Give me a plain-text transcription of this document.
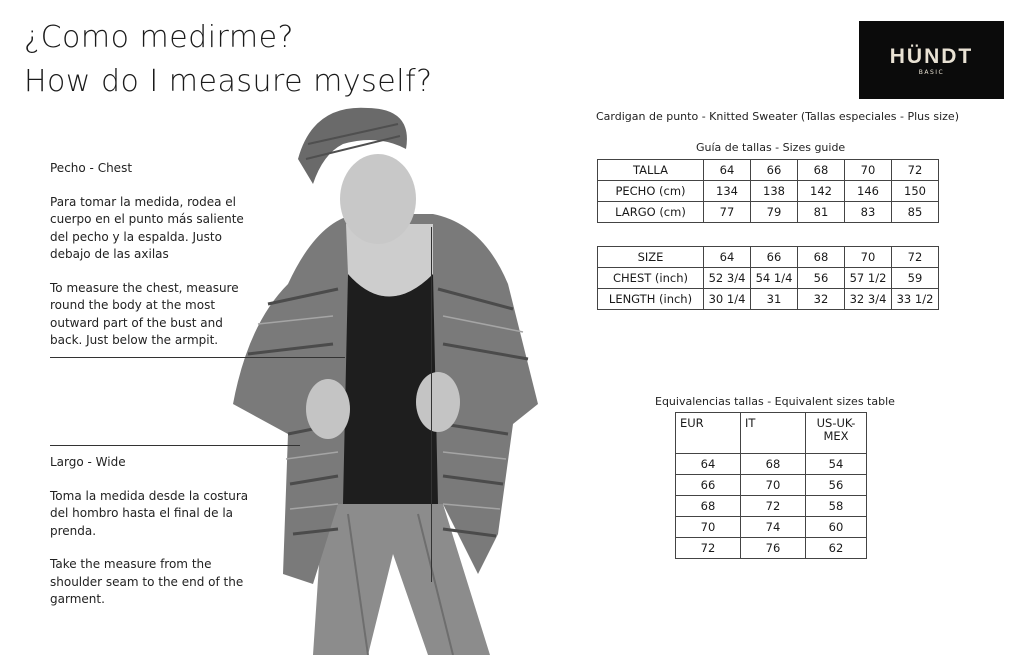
¿Como medirme?
How do I measure myself?
HÜNDT
BASIC
Cardigan de punto - Knitted Sweater (Tallas especiales - Plus size)
Guía de tallas - Sizes guide

Pecho - Chest

Para tomar la medida, rodea el cuerpo en el punto más saliente del pecho y la espalda. Justo debajo de las axilas

To measure the chest, measure round the body at the most outward part of the bust and back. Just below the armpit.

Largo - Wide

Toma la medida desde la costura del hombro hasta el final de la prenda.

Take the measure from the shoulder seam to the end of the garment.

TALLA	64	66	68	70	72
PECHO (cm)	134	138	142	146	150
LARGO (cm)	77	79	81	83	85
SIZE	64	66	68	70	72
CHEST (inch)	52 3/4	54 1/4	56	57 1/2	59
LENGTH (inch)	30 1/4	31	32	32 3/4	33 1/2
Equivalencias tallas - Equivalent sizes table
EUR	IT	US-UK-MEX
64	68	54
66	70	56
68	72	58
70	74	60
72	76	62
